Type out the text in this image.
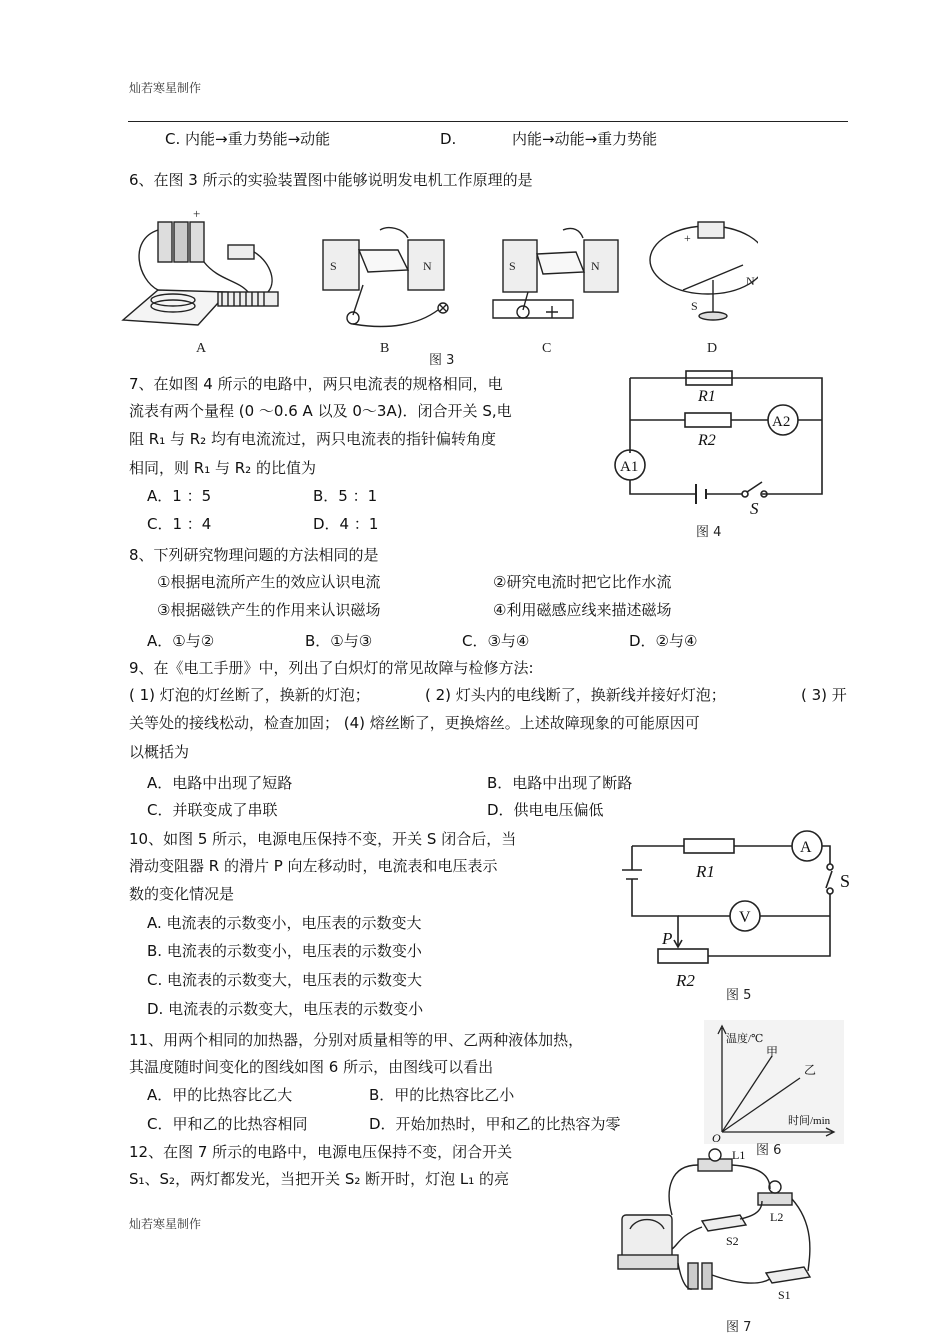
灿若寒星制作
C. 内能→重力势能→动能	D.	内能→动能→重力势能
6、在图 3 所示的实验装置图中能够说明发电机工作原理的是
+
A
S	N
B
S	N
C
+
N
S
D
图 3
7、在如图 4 所示的电路中，两只电流表的规格相同，电
流表有两个量程 (0 ～0.6 A 以及 0～3A)．闭合开关 S,电
阻 R₁ 与 R₂ 均有电流流过，两只电流表的指针偏转角度
相同，则 R₁ 与 R₂ 的比值为
A．1 ：5	B．5 ：1
C．1 ：4	D．4 ：1
R1
R2
A2
A1
S
图 4
8、下列研究物理问题的方法相同的是
①根据电流所产生的效应认识电流	②研究电流时把它比作水流
③根据磁铁产生的作用来认识磁场	④利用磁感应线来描述磁场
A．①与②	B．①与③	C．③与④	D．②与④
9、在《电工手册》中，列出了白炽灯的常见故障与检修方法:
( 1) 灯泡的灯丝断了，换新的灯泡；	( 2) 灯头内的电线断了，换新线并接好灯泡；	( 3) 开
关等处的接线松动，检查加固； (4) 熔丝断了，更换熔丝。上述故障现象的可能原因可
以概括为
A．电路中出现了短路	B．电路中出现了断路
C．并联变成了串联	D．供电电压偏低
10、如图 5 所示，电源电压保持不变，开关 S 闭合后，当
滑动变阻器 R 的滑片 P 向左移动时，电流表和电压表示
数的变化情况是
A. 电流表的示数变小，电压表的示数变大
B. 电流表的示数变小，电压表的示数变小
C. 电流表的示数变大，电压表的示数变大
D. 电流表的示数变大，电压表的示数变小
R1
A
V
S
P
R2
图 5
11、用两个相同的加热器，分别对质量相等的甲、乙两种液体加热，
其温度随时间变化的图线如图 6 所示，由图线可以看出
A．甲的比热容比乙大	B．甲的比热容比乙小
C．甲和乙的比热容相同	D．开始加热时，甲和乙的比热容为零
温度/℃
时间/min
O
甲
乙
图 6
12、在图 7 所示的电路中，电源电压保持不变，闭合开关
S₁、S₂，两灯都发光，当把开关 S₂ 断开时，灯泡 L₁ 的亮
L1
L2
S2
S1
图 7
灿若寒星制作
